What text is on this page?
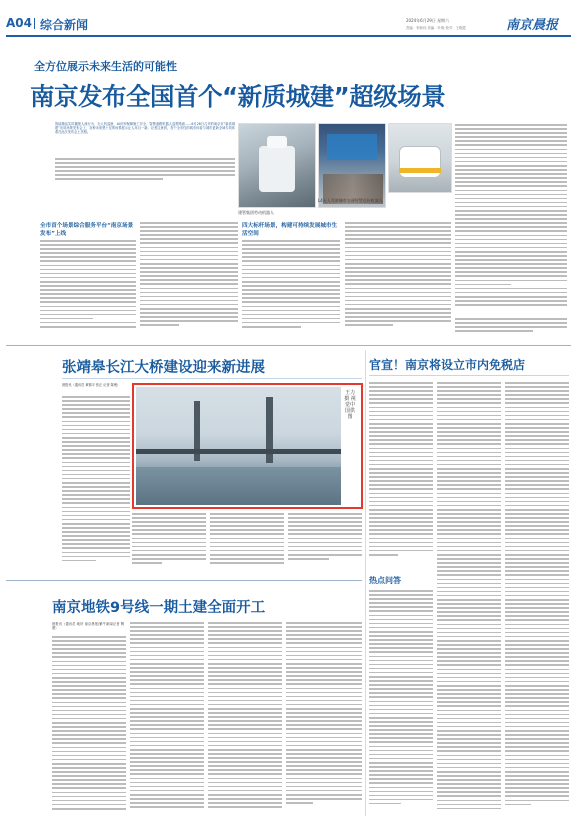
A04 综合新闻	2024年6月29日 星期六
责编：李新伟 美编：叶晓 校对：王晓霞	南京晨报
全方位展示未来生活的可能性
南京发布全国首个“新质城建”超级场景
智能精品实时播报人流行为、无人机巡航、AI识别保障施工安全、智慧道路机器人巡察路面……6月28日召开的南京市“新质城建”应用场景发布会上，各种未来感十足的场景展示让人耳目一新。记者注意到，首个全市性的城市体检与城市更新全域专项体系在此次发布会上亮相。
建管集团劳动机器人
L4无人驾驶城市交通智慧巡检机器人
全市首个场景综合服务平台“南京场景发布”上线
四大标杆场景，构建可持续发展城市生活空间
张靖皋长江大桥建设迎来新进展
晨报讯（通讯员 黄锦平 张正 记者 陈俊）
王力 摄 视觉中国供图
官宣！南京将设立市内免税店
热点问答
南京地铁9号线一期土建全面开工
晨报讯（通讯员 地轩 南京晨报/紫牛新闻记者 陶蕾）
